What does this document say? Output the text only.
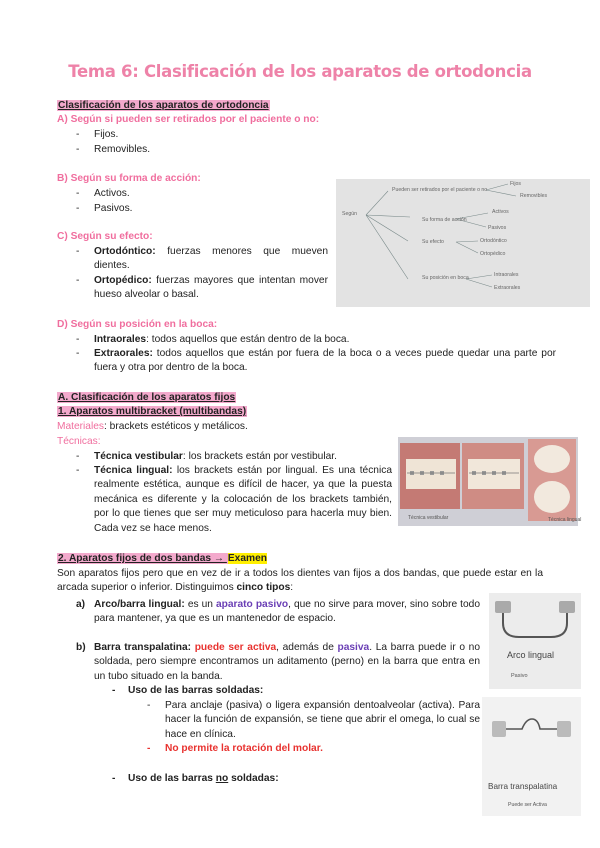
Tema 6: Clasificación de los aparatos de ortodoncia
Clasificación de los aparatos de ortodoncia
A) Según si pueden ser retirados por el paciente o no:
- Fijos.
- Removibles.
B) Según su forma de acción:
- Activos.
- Pasivos.
C) Según su efecto:
- Ortodóntico: fuerzas menores que mueven dientes.
- Ortopédico: fuerzas mayores que intentan mover hueso alveolar o basal.
D) Según su posición en la boca:
- Intraorales: todos aquellos que están dentro de la boca.
- Extraorales: todos aquellos que están por fuera de la boca o a veces puede quedar una parte por fuera y otra por dentro de la boca.
Según
Pueden ser retirados por el paciente o no
Su forma de acción
Su efecto
Su posición en boca
Fijos
Removibles
Activos
Pasivos
Ortodóntico
Ortopédico
Intraorales
Extraorales
A. Clasificación de los aparatos fijos
1. Aparatos multibracket (multibandas)
Materiales: brackets estéticos y metálicos.
Técnicas:
- Técnica vestibular: los brackets están por vestibular.
- Técnica lingual: los brackets están por lingual. Es una técnica realmente estética, aunque es difícil de hacer, ya que la puesta mecánica es diferente y la colocación de los brackets también, por lo que tienes que ser muy meticuloso para hacerla muy bien. Cada vez se hace menos.
Técnica vestibular	Técnica lingual
2. Aparatos fijos de dos bandas → Examen
Son aparatos fijos pero que en vez de ir a todos los dientes van fijos a dos bandas, que puede estar en la arcada superior o inferior. Distinguimos cinco tipos:
a) Arco/barra lingual: es un aparato pasivo, que no sirve para mover, sino sobre todo para mantener, ya que es un mantenedor de espacio.
b) Barra transpalatina: puede ser activa, además de pasiva. La barra puede ir o no soldada, pero siempre encontramos un aditamento (perno) en la barra que entra en un tubo situado en la banda.
- Uso de las barras soldadas:
- Para anclaje (pasiva) o ligera expansión dentoalveolar (activa). Para hacer la función de expansión, se tiene que abrir el omega, lo cual se hace en clínica.
- No permite la rotación del molar.
- Uso de las barras no soldadas:
Arco lingual
Pasivo
Barra transpalatina
Puede ser Activa
